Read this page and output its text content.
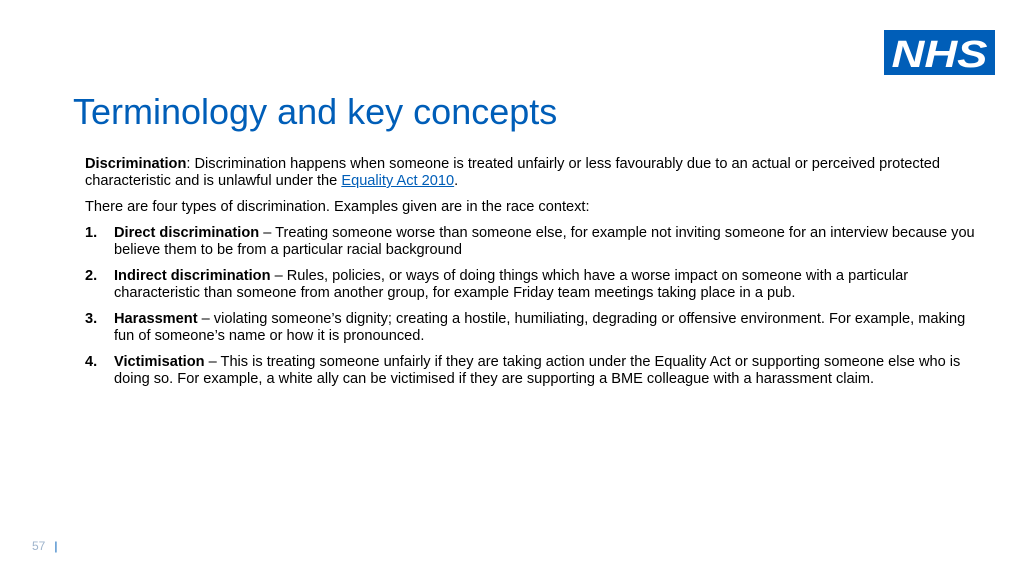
NHS
Terminology and key concepts

Discrimination: Discrimination happens when someone is treated unfairly or less favourably due to an actual or perceived protected characteristic and is unlawful under the Equality Act 2010.

There are four types of discrimination. Examples given are in the race context:

1. Direct discrimination – Treating someone worse than someone else, for example not inviting someone for an interview because you believe them to be from a particular racial background
2. Indirect discrimination – Rules, policies, or ways of doing things which have a worse impact on someone with a particular characteristic than someone from another group, for example Friday team meetings taking place in a pub.
3. Harassment – violating someone’s dignity; creating a hostile, humiliating, degrading or offensive environment. For example, making fun of someone’s name or how it is pronounced.
4. Victimisation – This is treating someone unfairly if they are taking action under the Equality Act or supporting someone else who is doing so. For example, a white ally can be victimised if they are supporting a BME colleague with a harassment claim.
57 |
